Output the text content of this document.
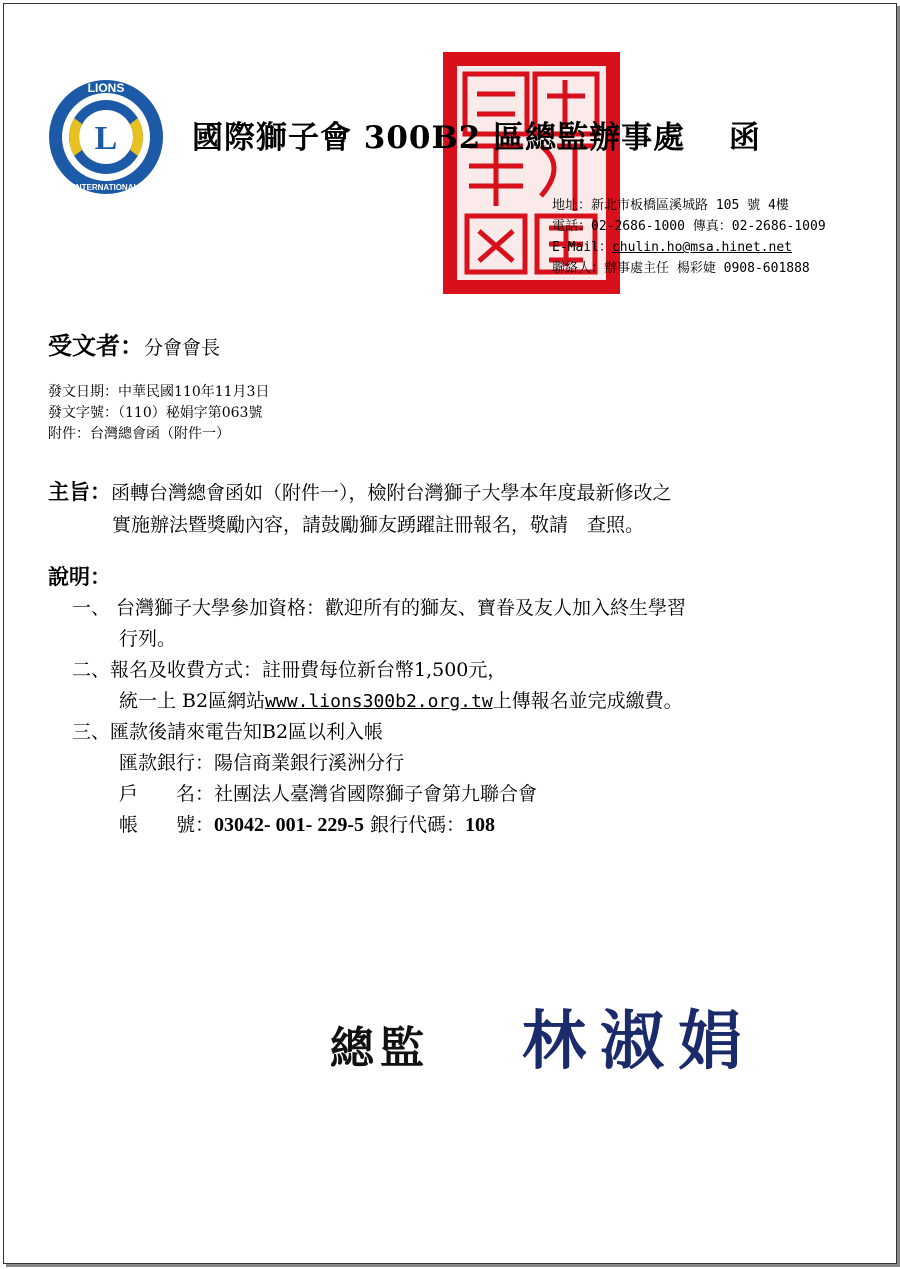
L
LIONS
INTERNATIONAL
國際獅子會 300B2 區總監辦事處　 函
地址：新北市板橋區溪城路 105 號 4樓
電話：02-2686-1000 傳真：02-2686-1009
E-Mail：chulin.ho@msa.hinet.net
聯絡人：辦事處主任 楊彩婕 0908-601888
受文者：分會會長
發文日期：中華民國110年11月3日
發文字號：（110）秘娟字第063號
附件：台灣總會函（附件一）
主旨：函轉台灣總會函如（附件一），檢附台灣獅子大學本年度最新修改之
實施辦法暨獎勵內容，請鼓勵獅友踴躍註冊報名，敬請　查照。
說明：
一、 台灣獅子大學參加資格：歡迎所有的獅友、寶眷及友人加入終生學習
行列。
二、報名及收費方式：註冊費每位新台幣1,500元，
統一上 B2區網站www.lions300b2.org.tw上傳報名並完成繳費。
三、匯款後請來電告知B2區以利入帳
匯款銀行：陽信商業銀行溪洲分行
戶　　名：社團法人臺灣省國際獅子會第九聯合會
帳　　號：03042- 001- 229-5 銀行代碼：108
總監 林淑娟
